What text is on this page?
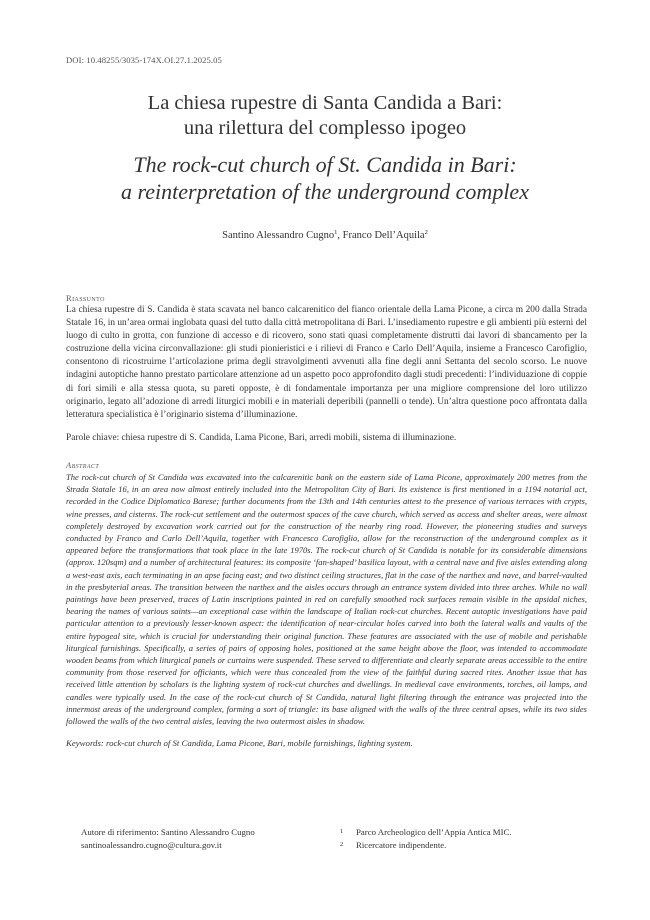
DOI: 10.48255/3035-174X.OI.27.1.2025.05
La chiesa rupestre di Santa Candida a Bari:
una rilettura del complesso ipogeo
The rock-cut church of St. Candida in Bari:
a reinterpretation of the underground complex
Santino Alessandro Cugno$^1$, Franco Dell’Aquila$^2$
Riassunto
La chiesa rupestre di S. Candida è stata scavata nel banco calcarenitico del fianco orientale della Lama Picone, a circa m 200 dalla Strada Statale 16, in un’area ormai inglobata quasi del tutto dalla città metropolitana di Bari. L’insediamento rupestre e gli ambienti più esterni del luogo di culto in grotta, con funzione di accesso e di ricovero, sono stati quasi completamente distrutti dai lavori di sbancamento per la costruzione della vicina circonvallazione: gli studi pionieristici e i rilievi di Franco e Carlo Dell’Aquila, insieme a Francesco Carofiglio, consentono di ricostruirne l’articolazione prima degli stravolgimenti avvenuti alla fine degli anni Settanta del secolo scorso. Le nuove indagini autoptiche hanno prestato particolare attenzione ad un aspetto poco approfondito dagli studi precedenti: l’individuazione di coppie di fori simili e alla stessa quota, su pareti opposte, è di fondamentale importanza per una migliore comprensione del loro utilizzo originario, legato all’adozione di arredi liturgici mobili e in materiali deperibili (pannelli o tende). Un’altra questione poco affrontata dalla letteratura specialistica è l’originario sistema d’illuminazione.
Parole chiave: chiesa rupestre di S. Candida, Lama Picone, Bari, arredi mobili, sistema di illuminazione.
Abstract
The rock-cut church of St Candida was excavated into the calcarenitic bank on the eastern side of Lama Picone, approximately 200 metres from the Strada Statale 16, in an area now almost entirely included into the Metropolitan City of Bari. Its existence is first mentioned in a 1194 notarial act, recorded in the Codice Diplomatico Barese; further documents from the 13th and 14th centuries attest to the presence of various terraces with crypts, wine presses, and cisterns. The rock-cut settlement and the outermost spaces of the cave church, which served as access and shelter areas, were almost completely destroyed by excavation work carried out for the construction of the nearby ring road. However, the pioneering studies and surveys conducted by Franco and Carlo Dell’Aquila, together with Francesco Carofiglio, allow for the reconstruction of the underground complex as it appeared before the transformations that took place in the late 1970s. The rock-cut church of St Candida is notable for its considerable dimensions (approx. 120sqm) and a number of architectural features: its composite ‘fan-shaped’ basilica layout, with a central nave and five aisles extending along a west-east axis, each terminating in an apse facing east; and two distinct ceiling structures, flat in the case of the narthex and nave, and barrel-vaulted in the presbyterial areas. The transition between the narthex and the aisles occurs through an entrance system divided into three arches. While no wall paintings have been preserved, traces of Latin inscriptions painted in red on carefully smoothed rock surfaces remain visible in the apsidal niches, bearing the names of various saints—an exceptional case within the landscape of Italian rock-cut churches. Recent autoptic investigations have paid particular attention to a previously lesser-known aspect: the identification of near-circular holes carved into both the lateral walls and vaults of the entire hypogeal site, which is crucial for understanding their original function. These features are associated with the use of mobile and perishable liturgical furnishings. Specifically, a series of pairs of opposing holes, positioned at the same height above the floor, was intended to accommodate wooden beams from which liturgical panels or curtains were suspended. These served to differentiate and clearly separate areas accessible to the entire community from those reserved for officiants, which were thus concealed from the view of the faithful during sacred rites. Another issue that has received little attention by scholars is the lighting system of rock-cut churches and dwellings. In medieval cave environments, torches, oil lamps, and candles were typically used. In the case of the rock-cut church of St Candida, natural light filtering through the entrance was projected into the innermost areas of the underground complex, forming a sort of triangle: its base aligned with the walls of the three central apses, while its two sides followed the walls of the two central aisles, leaving the two outermost aisles in shadow.
Keywords: rock-cut church of St Candida, Lama Picone, Bari, mobile furnishings, lighting system.
Autore di riferimento: Santino Alessandro Cugno
santinoalessandro.cugno@cultura.gov.it
1	Parco Archeologico dell’Appia Antica MIC.
2	Ricercatore indipendente.
